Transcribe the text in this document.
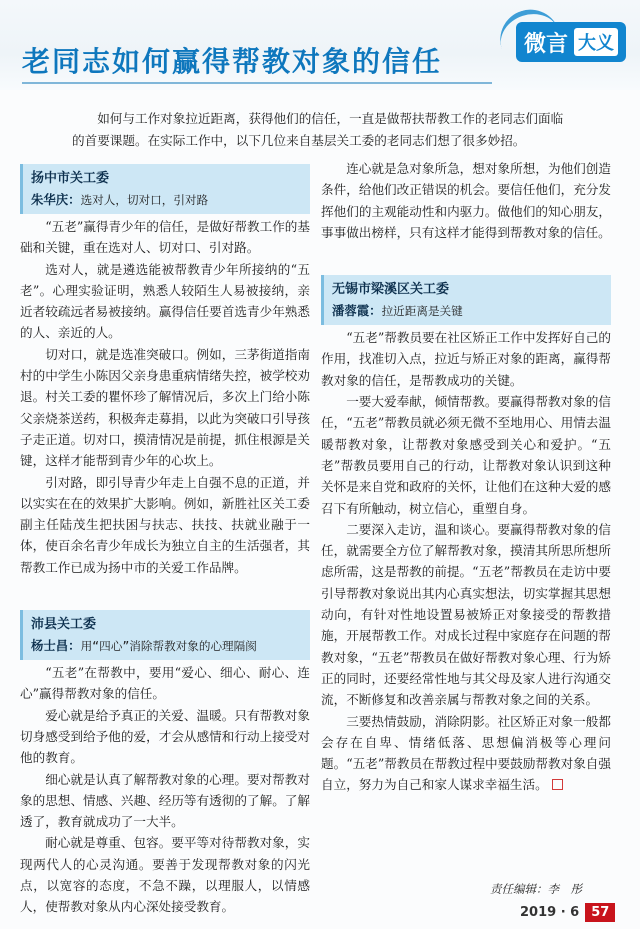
老同志如何赢得帮教对象的信任
微言 大义
如何与工作对象拉近距离，获得他们的信任，一直是做帮扶帮教工作的老同志们面临的首要课题。在实际工作中，以下几位来自基层关工委的老同志们想了很多妙招。
扬中市关工委
朱华庆：选对人，切对口，引对路

“五老”赢得青少年的信任，是做好帮教工作的基础和关键，重在选对人、切对口、引对路。

选对人，就是遴选能被帮教青少年所接纳的“五老”。心理实验证明，熟悉人较陌生人易被接纳，亲近者较疏远者易被接纳。赢得信任要首选青少年熟悉的人、亲近的人。

切对口，就是选准突破口。例如，三茅街道指南村的中学生小陈因父亲身患重病情绪失控，被学校劝退。村关工委的瞿怀珍了解情况后，多次上门给小陈父亲烧茶送药，积极奔走募捐，以此为突破口引导孩子走正道。切对口，摸清情况是前提，抓住根源是关键，这样才能帮到青少年的心坎上。

引对路，即引导青少年走上自强不息的正道，并以实实在在的效果扩大影响。例如，新胜社区关工委副主任陆茂生把扶困与扶志、扶技、扶就业融于一体，使百余名青少年成长为独立自主的生活强者，其帮教工作已成为扬中市的关爱工作品牌。

沛县关工委
杨士昌：用“四心”消除帮教对象的心理隔阂

“五老”在帮教中，要用“爱心、细心、耐心、连心”赢得帮教对象的信任。

爱心就是给予真正的关爱、温暖。只有帮教对象切身感受到给予他的爱，才会从感情和行动上接受对他的教育。

细心就是认真了解帮教对象的心理。要对帮教对象的思想、情感、兴趣、经历等有透彻的了解。了解透了，教育就成功了一大半。

耐心就是尊重、包容。要平等对待帮教对象，实现两代人的心灵沟通。要善于发现帮教对象的闪光点，以宽容的态度，不急不躁，以理服人，以情感人，使帮教对象从内心深处接受教育。

连心就是急对象所急，想对象所想，为他们创造条件，给他们改正错误的机会。要信任他们，充分发挥他们的主观能动性和内驱力。做他们的知心朋友，事事做出榜样，只有这样才能得到帮教对象的信任。

无锡市梁溪区关工委
潘蓉霞：拉近距离是关键

“五老”帮教员要在社区矫正工作中发挥好自己的作用，找准切入点，拉近与矫正对象的距离，赢得帮教对象的信任，是帮教成功的关键。

一要大爱奉献，倾情帮教。要赢得帮教对象的信任，“五老”帮教员就必须无微不至地用心、用情去温暖帮教对象，让帮教对象感受到关心和爱护。“五老”帮教员要用自己的行动，让帮教对象认识到这种关怀是来自党和政府的关怀，让他们在这种大爱的感召下有所触动，树立信心，重塑自身。

二要深入走访，温和谈心。要赢得帮教对象的信任，就需要全方位了解帮教对象，摸清其所思所想所虑所需，这是帮教的前提。“五老”帮教员在走访中要引导帮教对象说出其内心真实想法，切实掌握其思想动向，有针对性地设置易被矫正对象接受的帮教措施，开展帮教工作。对成长过程中家庭存在问题的帮教对象，“五老”帮教员在做好帮教对象心理、行为矫正的同时，还要经常性地与其父母及家人进行沟通交流，不断修复和改善亲属与帮教对象之间的关系。

三要热情鼓励，消除阴影。社区矫正对象一般都会存在自卑、情绪低落、思想偏消极等心理问题。“五老”帮教员在帮教过程中要鼓励帮教对象自强自立，努力为自己和家人谋求幸福生活。

责任编辑：李　彤
2019 · 6 57
